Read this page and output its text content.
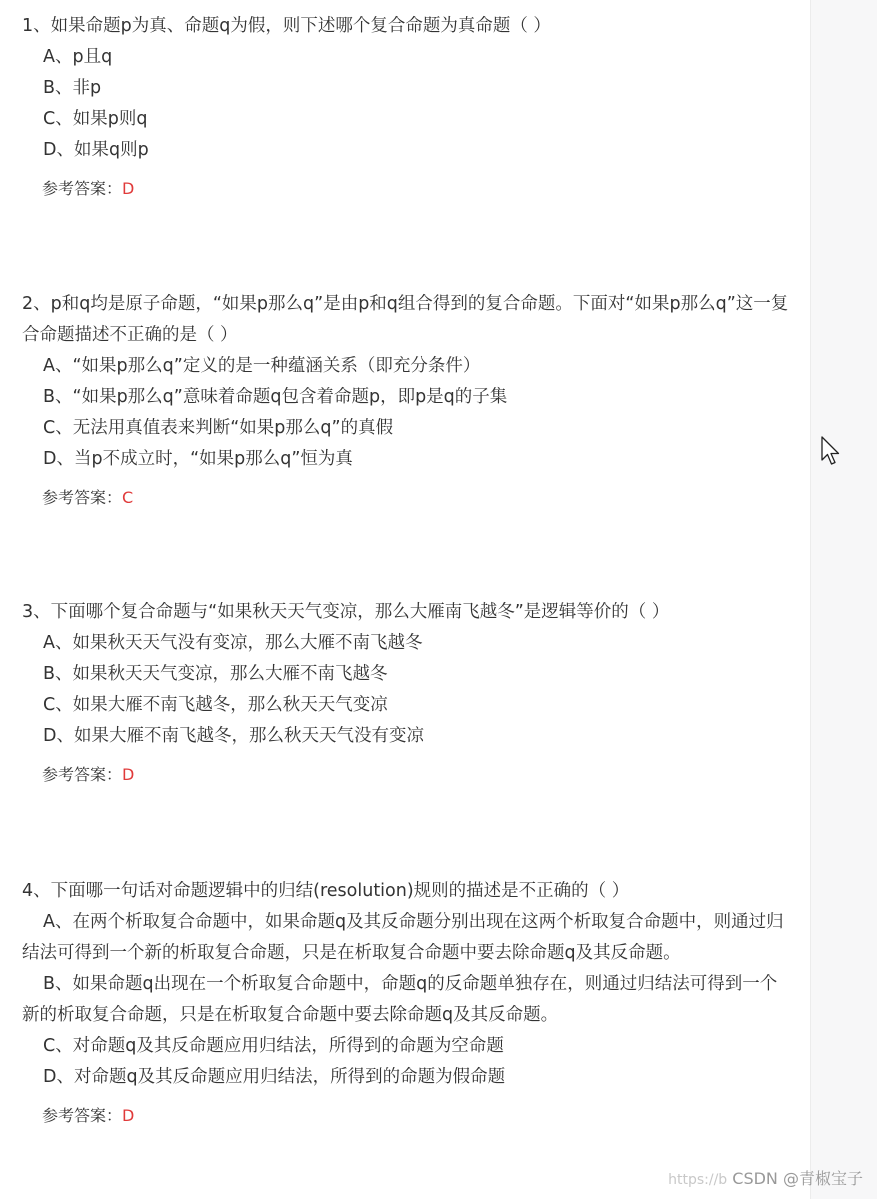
1、如果命题p为真、命题q为假，则下述哪个复合命题为真命题（ ）
A、p且q
B、非p
C、如果p则q
D、如果q则p
参考答案：D
2、p和q均是原子命题，“如果p那么q”是由p和q组合得到的复合命题。下面对“如果p那么q”这一复合命题描述不正确的是（ ）
A、“如果p那么q”定义的是一种蕴涵关系（即充分条件）
B、“如果p那么q”意味着命题q包含着命题p，即p是q的子集
C、无法用真值表来判断“如果p那么q”的真假
D、当p不成立时，“如果p那么q”恒为真
参考答案：C
3、下面哪个复合命题与“如果秋天天气变凉，那么大雁南飞越冬”是逻辑等价的（ ）
A、如果秋天天气没有变凉，那么大雁不南飞越冬
B、如果秋天天气变凉，那么大雁不南飞越冬
C、如果大雁不南飞越冬，那么秋天天气变凉
D、如果大雁不南飞越冬，那么秋天天气没有变凉
参考答案：D
4、下面哪一句话对命题逻辑中的归结(resolution)规则的描述是不正确的（ ）
A、在两个析取复合命题中，如果命题q及其反命题分别出现在这两个析取复合命题中，则通过归结法可得到一个新的析取复合命题，只是在析取复合命题中要去除命题q及其反命题。
B、如果命题q出现在一个析取复合命题中，命题q的反命题单独存在，则通过归结法可得到一个新的析取复合命题，只是在析取复合命题中要去除命题q及其反命题。
C、对命题q及其反命题应用归结法，所得到的命题为空命题
D、对命题q及其反命题应用归结法，所得到的命题为假命题
参考答案：D
https://b CSDN @青椒宝子
